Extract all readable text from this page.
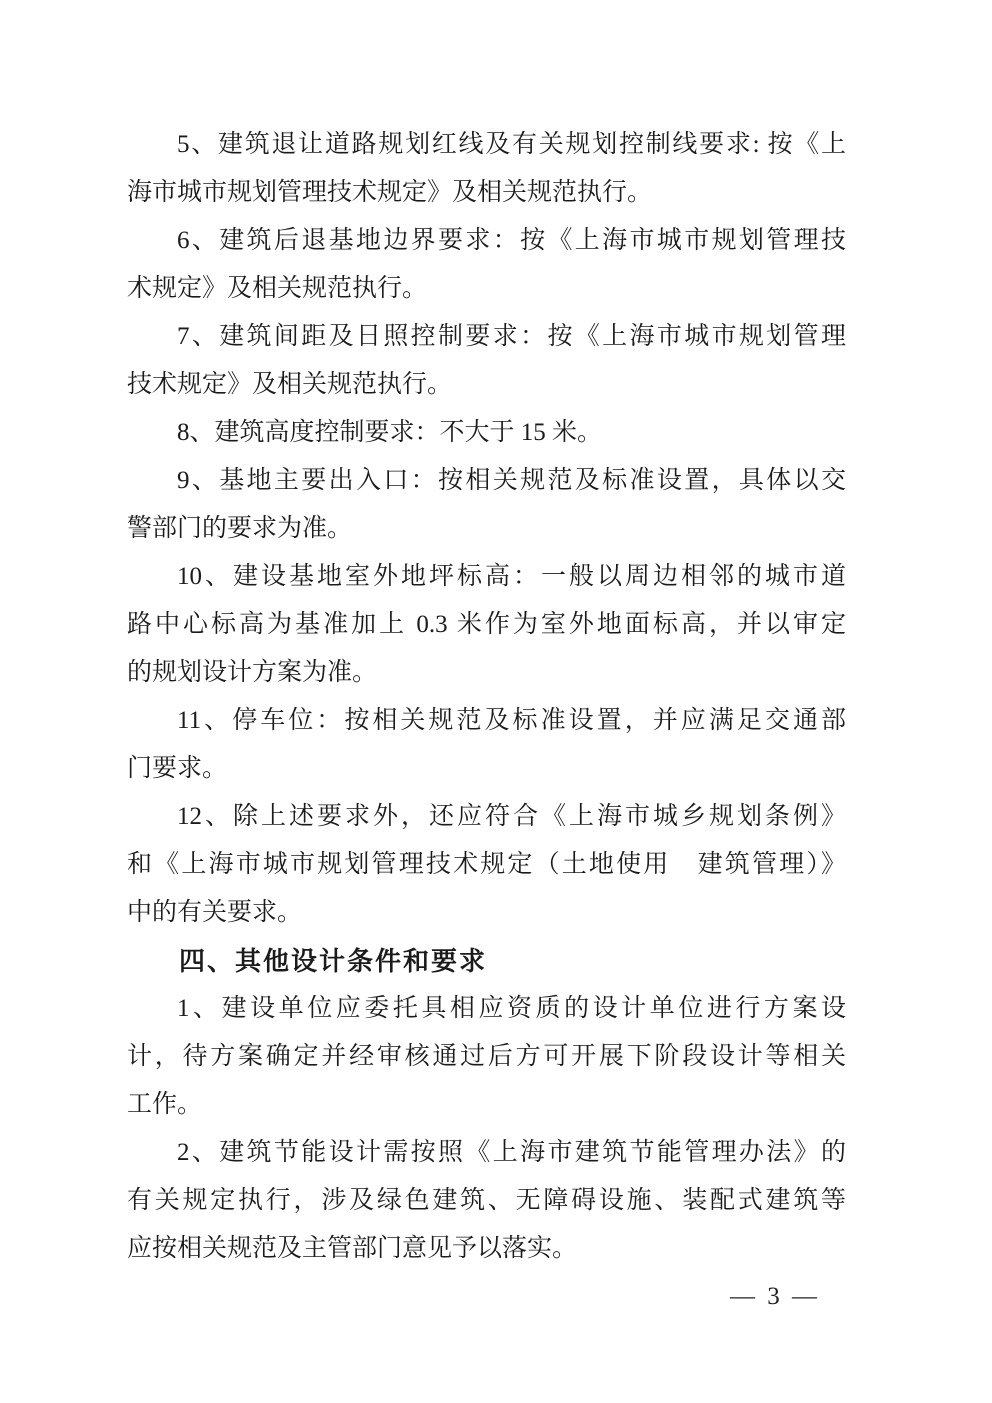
5、建筑退让道路规划红线及有关规划控制线要求: 按《上
海市城市规划管理技术规定》及相关规范执行。
6、建筑后退基地边界要求：按《上海市城市规划管理技
术规定》及相关规范执行。
7、建筑间距及日照控制要求：按《上海市城市规划管理
技术规定》及相关规范执行。
8、建筑高度控制要求：不大于 15 米。
9、基地主要出入口：按相关规范及标准设置，具体以交
警部门的要求为准。
10、建设基地室外地坪标高：一般以周边相邻的城市道
路中心标高为基准加上 0.3 米作为室外地面标高，并以审定
的规划设计方案为准。
11、停车位：按相关规范及标准设置，并应满足交通部
门要求。
12、除上述要求外，还应符合《上海市城乡规划条例》
和《上海市城市规划管理技术规定（土地使用　建筑管理）》
中的有关要求。
四、其他设计条件和要求
1、建设单位应委托具相应资质的设计单位进行方案设
计，待方案确定并经审核通过后方可开展下阶段设计等相关
工作。
2、建筑节能设计需按照《上海市建筑节能管理办法》的
有关规定执行，涉及绿色建筑、无障碍设施、装配式建筑等
应按相关规范及主管部门意见予以落实。
— 3 —
